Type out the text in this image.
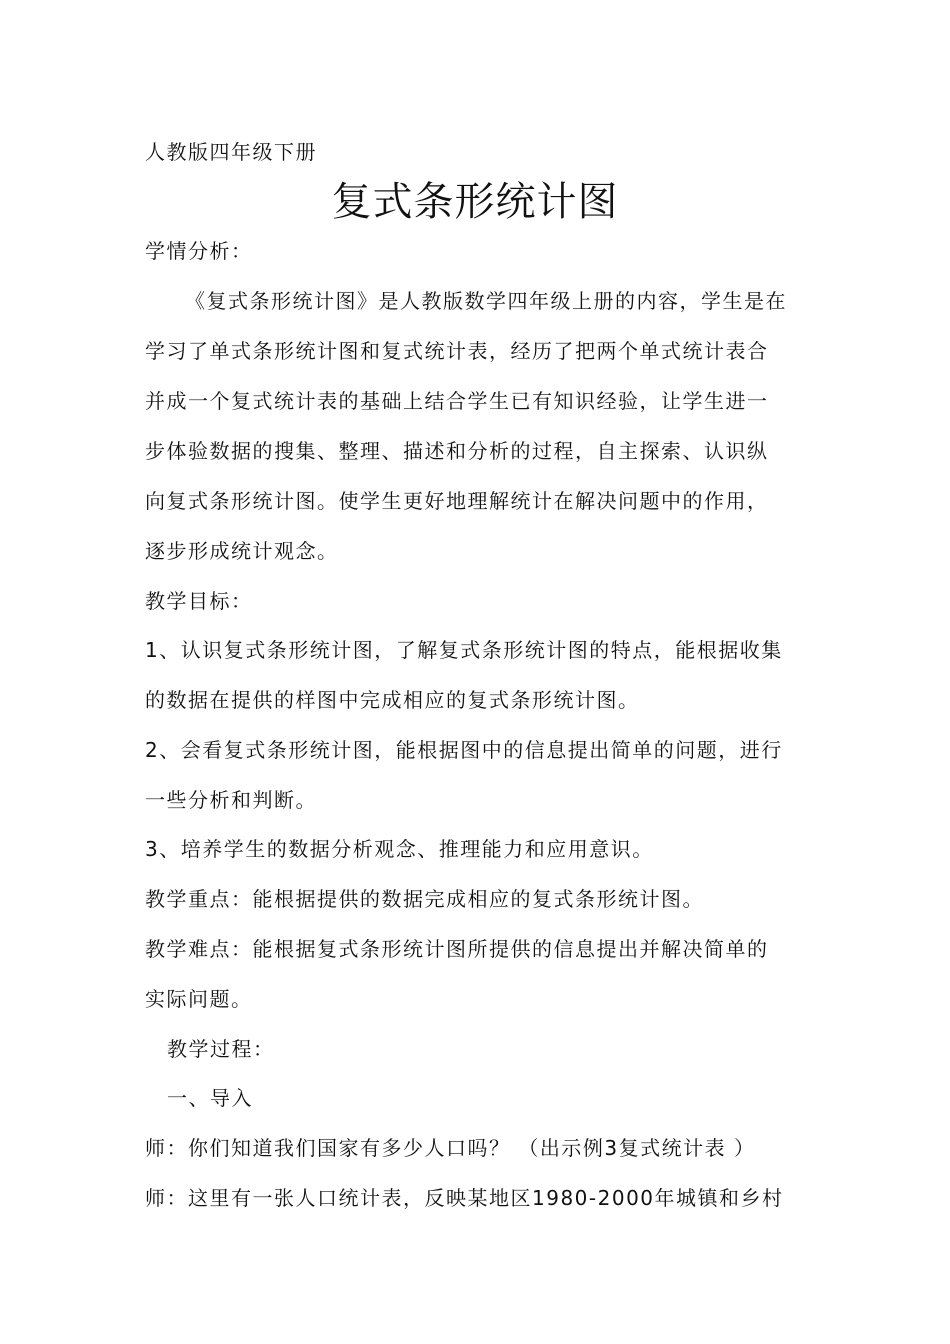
人教版四年级下册
复式条形统计图
学情分析：
《复式条形统计图》是人教版数学四年级上册的内容，学生是在
学习了单式条形统计图和复式统计表，经历了把两个单式统计表合
并成一个复式统计表的基础上结合学生已有知识经验，让学生进一
步体验数据的搜集、整理、描述和分析的过程，自主探索、认识纵
向复式条形统计图。使学生更好地理解统计在解决问题中的作用，
逐步形成统计观念。
教学目标：
1、认识复式条形统计图，了解复式条形统计图的特点，能根据收集
的数据在提供的样图中完成相应的复式条形统计图。
2、会看复式条形统计图，能根据图中的信息提出简单的问题，进行
一些分析和判断。
3、培养学生的数据分析观念、推理能力和应用意识。
教学重点：能根据提供的数据完成相应的复式条形统计图。
教学难点：能根据复式条形统计图所提供的信息提出并解决简单的
实际问题。
教学过程：
一、导入
师：你们知道我们国家有多少人口吗？ （出示例3复式统计表 ）
师：这里有一张人口统计表，反映某地区1980-2000年城镇和乡村
